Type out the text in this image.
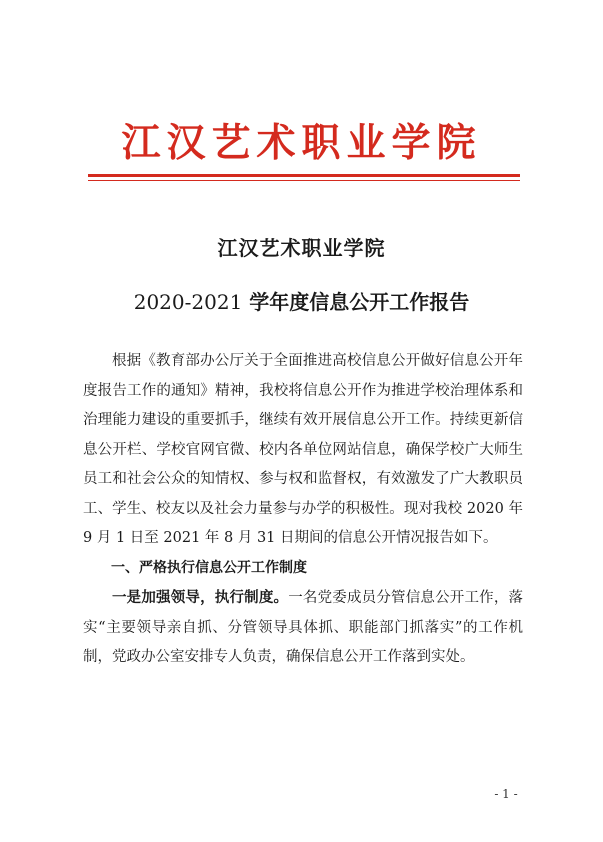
江汉艺术职业学院
江汉艺术职业学院
2020-2021 学年度信息公开工作报告

根据《教育部办公厅关于全面推进高校信息公开做好信息公开年度报告工作的通知》精神，我校将信息公开作为推进学校治理体系和治理能力建设的重要抓手，继续有效开展信息公开工作。持续更新信息公开栏、学校官网官微、校内各单位网站信息，确保学校广大师生员工和社会公众的知情权、参与权和监督权，有效激发了广大教职员工、学生、校友以及社会力量参与办学的积极性。现对我校 2020 年 9 月 1 日至 2021 年 8 月 31 日期间的信息公开情况报告如下。

一、严格执行信息公开工作制度

一是加强领导，执行制度。一名党委成员分管信息公开工作，落实“主要领导亲自抓、分管领导具体抓、职能部门抓落实”的工作机制，党政办公室安排专人负责，确保信息公开工作落到实处。

- 1 -
